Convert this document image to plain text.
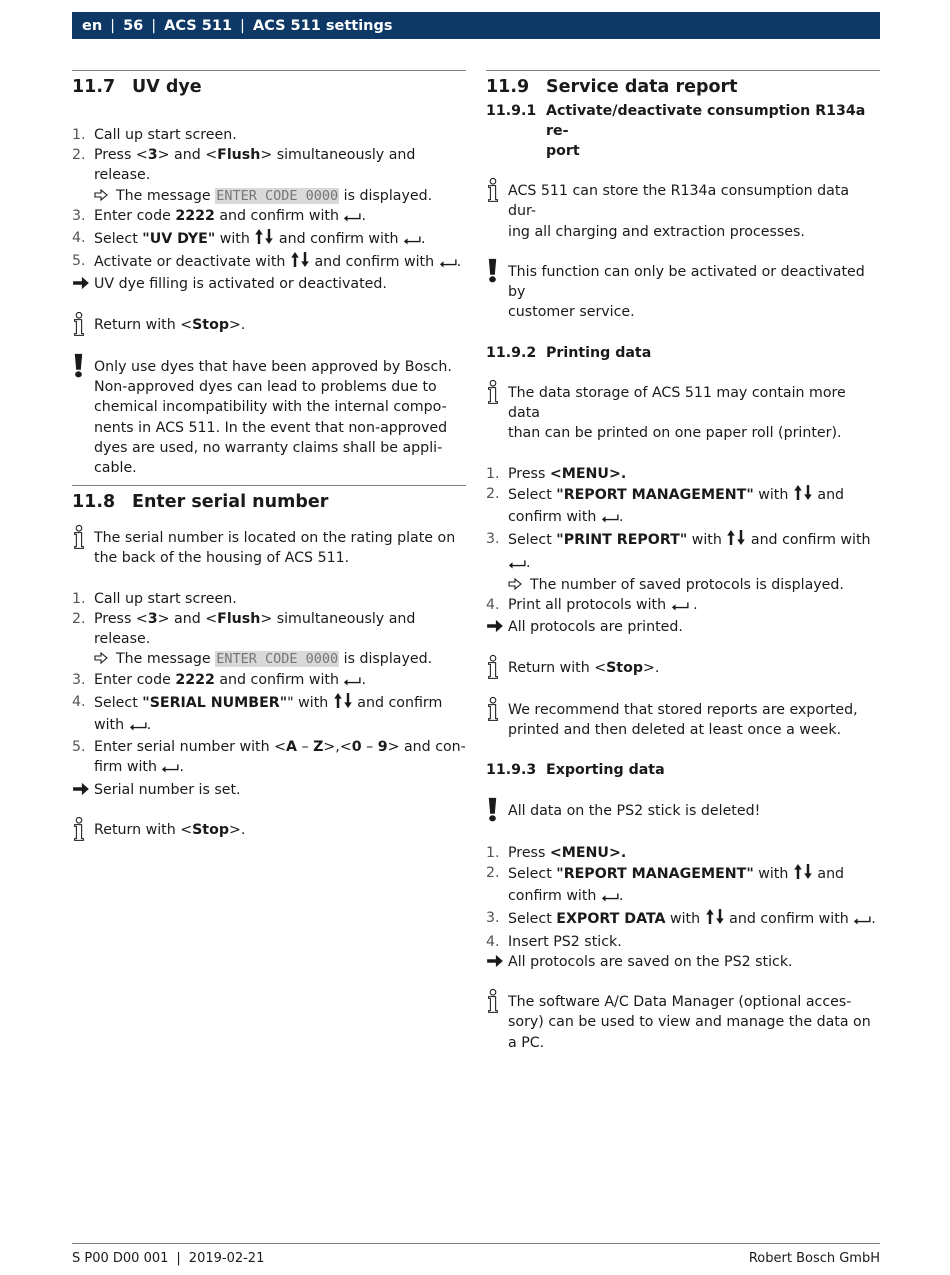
en | 56 | ACS 511 | ACS 511 settings
11.7 UV dye
1. Call up start screen.
2. Press <3> and <Flush> simultaneously and release.
The message ENTER CODE 0000 is displayed.
3. Enter code 2222 and confirm with .
4. Select "UV DYE" with and confirm with .
5. Activate or deactivate with and confirm with .
UV dye filling is activated or deactivated.
Return with <Stop>.
Only use dyes that have been approved by Bosch.
Non-approved dyes can lead to problems due to
chemical incompatibility with the internal compo-
nents in ACS 511. In the event that non-approved
dyes are used, no warranty claims shall be appli-
cable.
11.8 Enter serial number
The serial number is located on the rating plate on
the back of the housing of ACS 511.
1. Call up start screen.
2. Press <3> and <Flush> simultaneously and release.
The message ENTER CODE 0000 is displayed.
3. Enter code 2222 and confirm with .
4. Select "SERIAL NUMBER"" with and confirm
with .
5. Enter serial number with <A – Z>,<0 – 9> and con-
firm with .
Serial number is set.
Return with <Stop>.
11.9 Service data report
11.9.1 Activate/deactivate consumption R134a re-
port
ACS 511 can store the R134a consumption data dur-
ing all charging and extraction processes.
This function can only be activated or deactivated by
customer service.
11.9.2 Printing data
The data storage of ACS 511 may contain more data
than can be printed on one paper roll (printer).
1. Press <MENU>.
2. Select "REPORT MANAGEMENT" with and
confirm with .
3. Select "PRINT REPORT" with and confirm with
.
The number of saved protocols is displayed.
4. Print all protocols with  .
All protocols are printed.
Return with <Stop>.
We recommend that stored reports are exported,
printed and then deleted at least once a week.
11.9.3 Exporting data
All data on the PS2 stick is deleted!
1. Press <MENU>.
2. Select "REPORT MANAGEMENT" with and
confirm with .
3. Select EXPORT DATA with and confirm with .
4. Insert PS2 stick.
All protocols are saved on the PS2 stick.
The software A/C Data Manager (optional acces-
sory) can be used to view and manage the data on
a PC.
S P00 D00 001 | 2019-02-21	Robert Bosch GmbH
